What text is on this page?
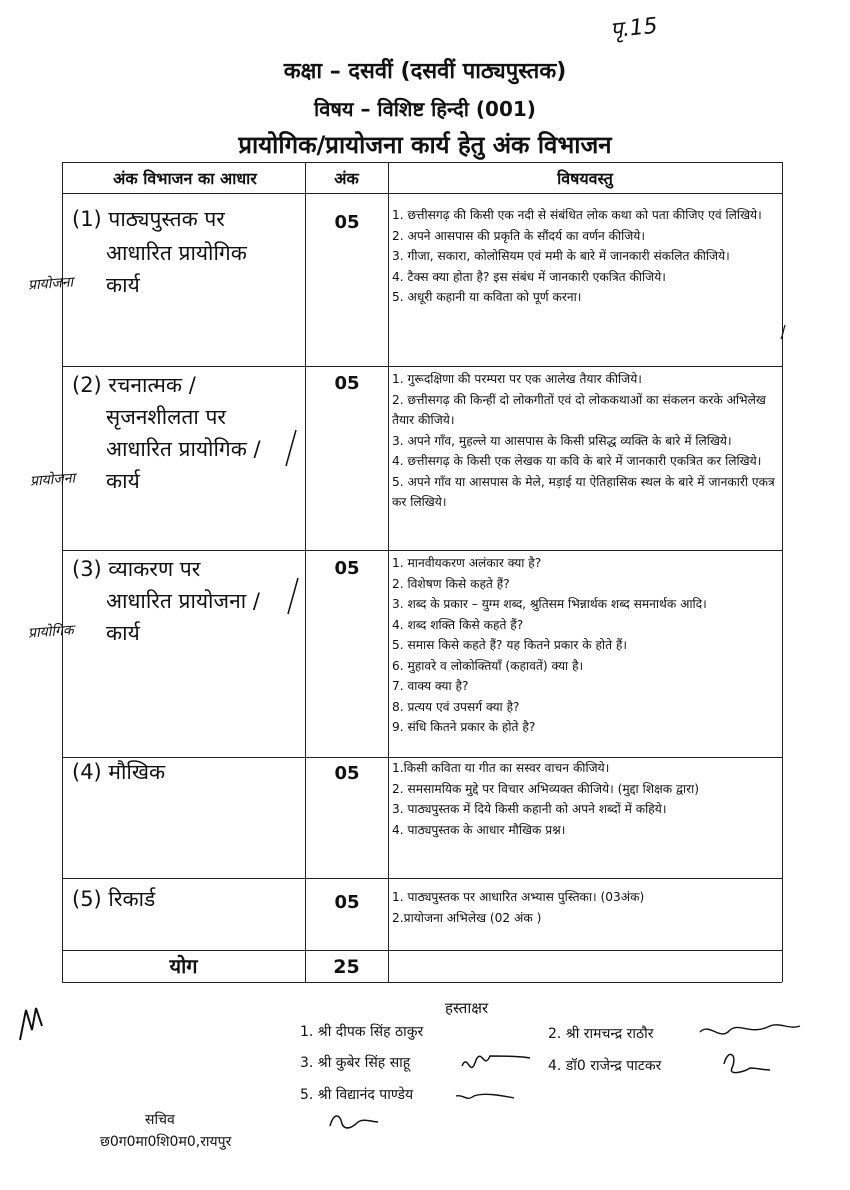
पृ.15
कक्षा – दसवीं (दसवीं पाठ्यपुस्तक)
विषय – विशिष्ट हिन्दी (001)
प्रायोगिक/प्रायोजना कार्य हेतु अंक विभाजन
अंक विभाजन का आधार	अंक	विषयवस्तु
(1) पाठ्यपुस्तक पर
आधारित प्रायोगिक
कार्य
प्रायोजना
05	1. छत्तीसगढ़ की किसी एक नदी से संबंधित लोक कथा को पता कीजिए एवं लिखिये।
2. अपने आसपास की प्रकृति के सौंदर्य का वर्णन कीजिये।
3. गीजा, सकारा, कोलोसियम एवं ममी के बारे में जानकारी संकलित कीजिये।
4. टैक्स क्या होता है? इस संबंध में जानकारी एकत्रित कीजिये।
5. अधूरी कहानी या कविता को पूर्ण करना।
(2) रचनात्मक /
सृजनशीलता पर
आधारित प्रायोगिक /
कार्य
प्रायोजना
05	1. गुरूदक्षिणा की परम्परा पर एक आलेख तैयार कीजिये।
2. छत्तीसगढ़ की किन्हीं दो लोकगीतों एवं दो लोककथाओं का संकलन करके अभिलेख तैयार कीजिये।
3. अपने गाँव, मुहल्ले या आसपास के किसी प्रसिद्ध व्यक्ति के बारे में लिखिये।
4. छत्तीसगढ़ के किसी एक लेखक या कवि के बारे में जानकारी एकत्रित कर लिखिये।
5. अपने गाँव या आसपास के मेले, मड़ाई या ऐतिहासिक स्थल के बारे में जानकारी एकत्र कर लिखिये।
(3) व्याकरण पर
आधारित प्रायोजना /
कार्य
प्रायोगिक
05	1. मानवीयकरण अलंकार क्या है?
2. विशेषण किसे कहते हैं?
3. शब्द के प्रकार – युग्म शब्द, श्रुतिसम भिन्नार्थक शब्द समनार्थक आदि।
4. शब्द शक्ति किसे कहते हैं?
5. समास किसे कहते हैं? यह कितने प्रकार के होते हैं।
6. मुहावरे व लोकोक्तियाँ (कहावतें) क्या है।
7. वाक्य क्या है?
8. प्रत्यय एवं उपसर्ग क्या है?
9. संधि कितने प्रकार के होते है?
(4) मौखिक	05	1.किसी कविता या गीत का सस्वर वाचन कीजिये।
2. समसामयिक मुद्दे पर विचार अभिव्यक्त कीजिये। (मुद्दा शिक्षक द्वारा)
3. पाठ्यपुस्तक में दिये किसी कहानी को अपने शब्दों में कहिये।
4. पाठ्यपुस्तक के आधार मौखिक प्रश्न।
(5) रिकार्ड	05	1. पाठ्यपुस्तक पर आधारित अभ्यास पुस्तिका। (03अंक)
2.प्रायोजना अभिलेख (02 अंक )
योग	25
हस्ताक्षर
1. श्री दीपक सिंह ठाकुर	2. श्री रामचन्द्र राठौर
3. श्री कुबेर सिंह साहू	4. डॉ0 राजेन्द्र पाटकर
5. श्री विद्यानंद पाण्डेय
सचिव
छ0ग0मा0शि0म0,रायपुर
